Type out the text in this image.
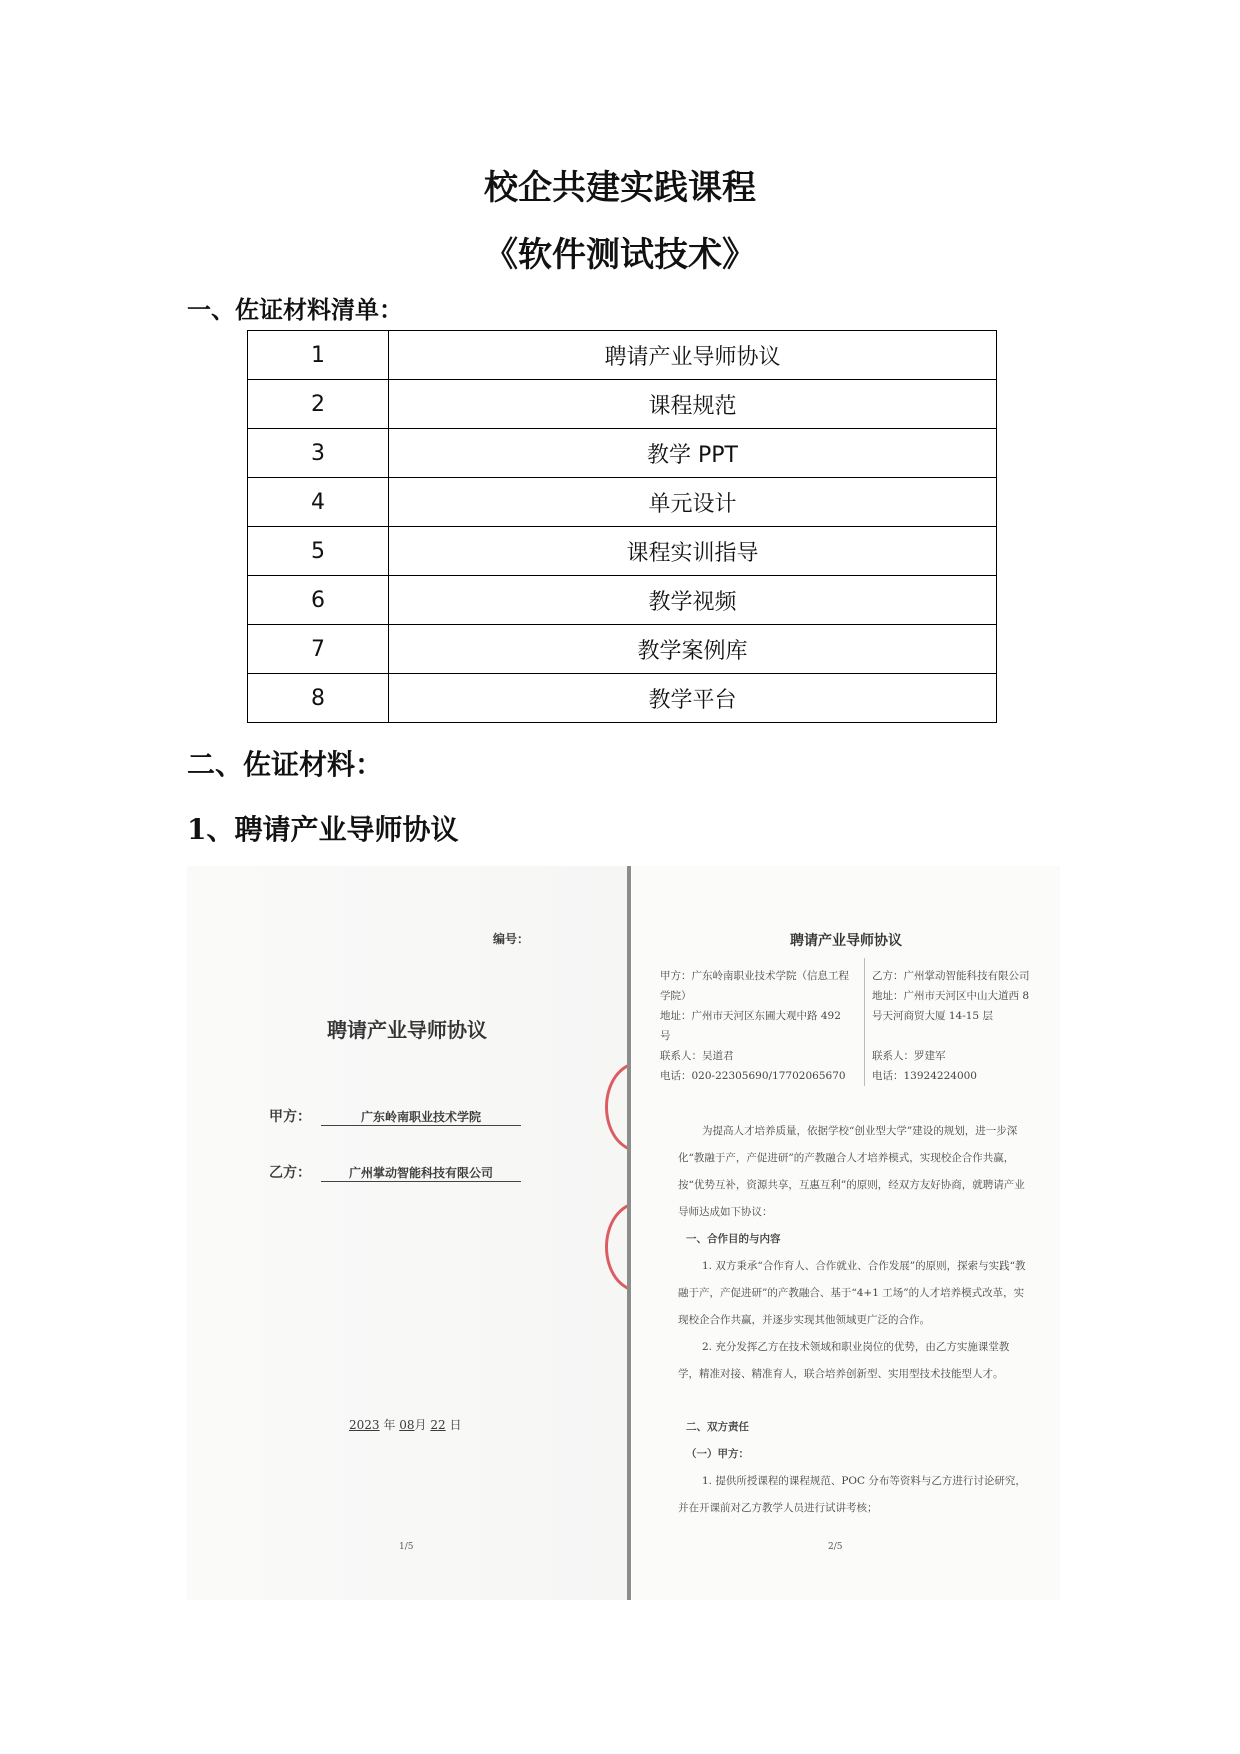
校企共建实践课程
《软件测试技术》
一、佐证材料清单：
1	聘请产业导师协议
2	课程规范
3	教学 PPT
4	单元设计
5	课程实训指导
6	教学视频
7	教学案例库
8	教学平台
二、佐证材料：
1、聘请产业导师协议
编号：
聘请产业导师协议
甲方：	广东岭南职业技术学院
乙方：	广州掌动智能科技有限公司
2023 年 08月 22 日
1/5
聘请产业导师协议
甲方：广东岭南职业技术学院（信息工程
学院）
地址：广州市天河区东圃大观中路 492
号
联系人：吴道君
电话：020-22305690/17702065670
乙方：广州掌动智能科技有限公司
地址：广州市天河区中山大道西 8
号天河商贸大厦 14-15 层
联系人：罗建军
电话：13924224000

为提高人才培养质量，依据学校“创业型大学”建设的规划，进一步深化“教融于产，产促进研”的产教融合人才培养模式，实现校企合作共赢，按“优势互补，资源共享，互惠互利”的原则，经双方友好协商，就聘请产业导师达成如下协议：

一、合作目的与内容

1. 双方秉承“合作育人、合作就业、合作发展”的原则，探索与实践“教融于产，产促进研”的产教融合、基于“4+1 工场”的人才培养模式改革，实现校企合作共赢，并逐步实现其他领域更广泛的合作。

2. 充分发挥乙方在技术领域和职业岗位的优势，由乙方实施课堂教学，精准对接、精准育人，联合培养创新型、实用型技术技能型人才。

二、双方责任

（一）甲方：

1. 提供所授课程的课程规范、POC 分布等资料与乙方进行讨论研究，并在开课前对乙方教学人员进行试讲考核；

2/5
